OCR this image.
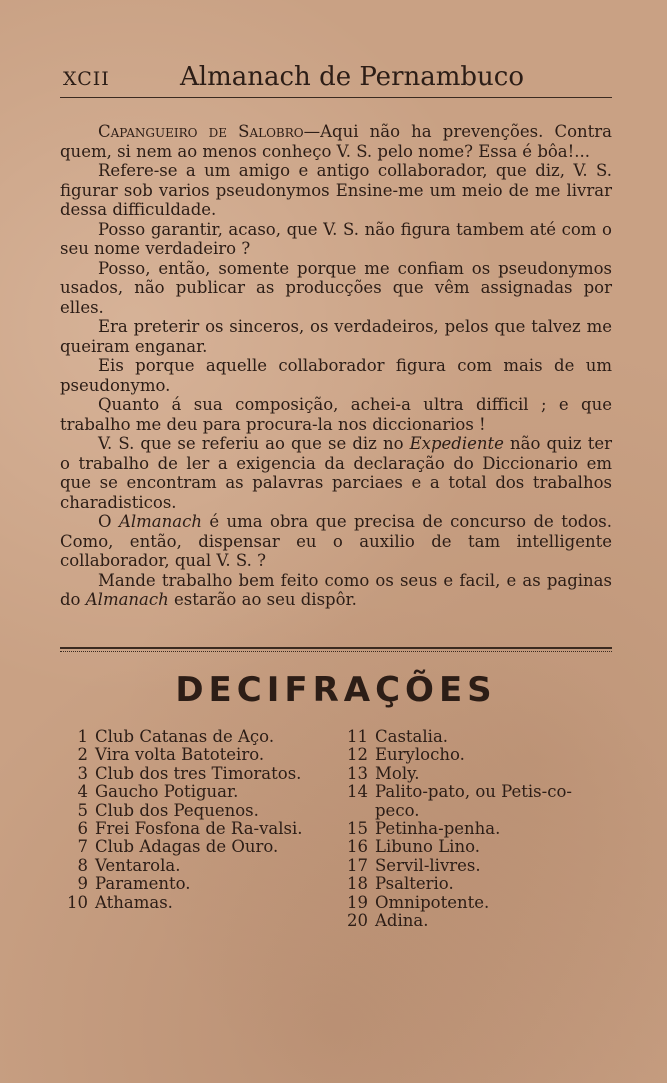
XCII	Almanach de Pernambuco

Capangueiro de Salobro—Aqui não ha prevenções. Contra quem, si nem ao menos conheço V. S. pelo nome? Essa é bôa!...

Refere-se a um amigo e antigo collaborador, que diz, V. S. figurar sob varios pseudonymos Ensine-me um meio de me livrar dessa difficuldade.

Posso garantir, acaso, que V. S. não figura tambem até com o seu nome verdadeiro ?

Posso, então, somente porque me confiam os pseudonymos usados, não publicar as producções que vêm assignadas por elles.

Era preterir os sinceros, os verdadeiros, pelos que talvez me queiram enganar.

Eis porque aquelle collaborador figura com mais de um pseudonymo.

Quanto á sua composição, achei-a ultra difficil ; e que trabalho me deu para procura-la nos diccionarios !

V. S. que se referiu ao que se diz no Expediente não quiz ter o trabalho de ler a exigencia da declaração do Diccionario em que se encontram as palavras parciaes e a total dos trabalhos charadisticos.

O Almanach é uma obra que precisa de concurso de todos. Como, então, dispensar eu o auxilio de tam intelligente collaborador, qual V. S. ?

Mande trabalho bem feito como os seus e facil, e as paginas do Almanach estarão ao seu dispôr.

DECIFRAÇÕES
1 Club Catanas de Aço.
2 Vira volta Batoteiro.
3 Club dos tres Timoratos.
4 Gaucho Potiguar.
5 Club dos Pequenos.
6 Frei Fosfona de Ra-valsi.
7 Club Adagas de Ouro.
8 Ventarola.
9 Paramento.
10 Athamas.
11 Castalia.
12 Eurylocho.
13 Moly.
14 Palito-pato, ou Petis-co-peco.
15 Petinha-penha.
16 Libuno Lino.
17 Servil-livres.
18 Psalterio.
19 Omnipotente.
20 Adina.
